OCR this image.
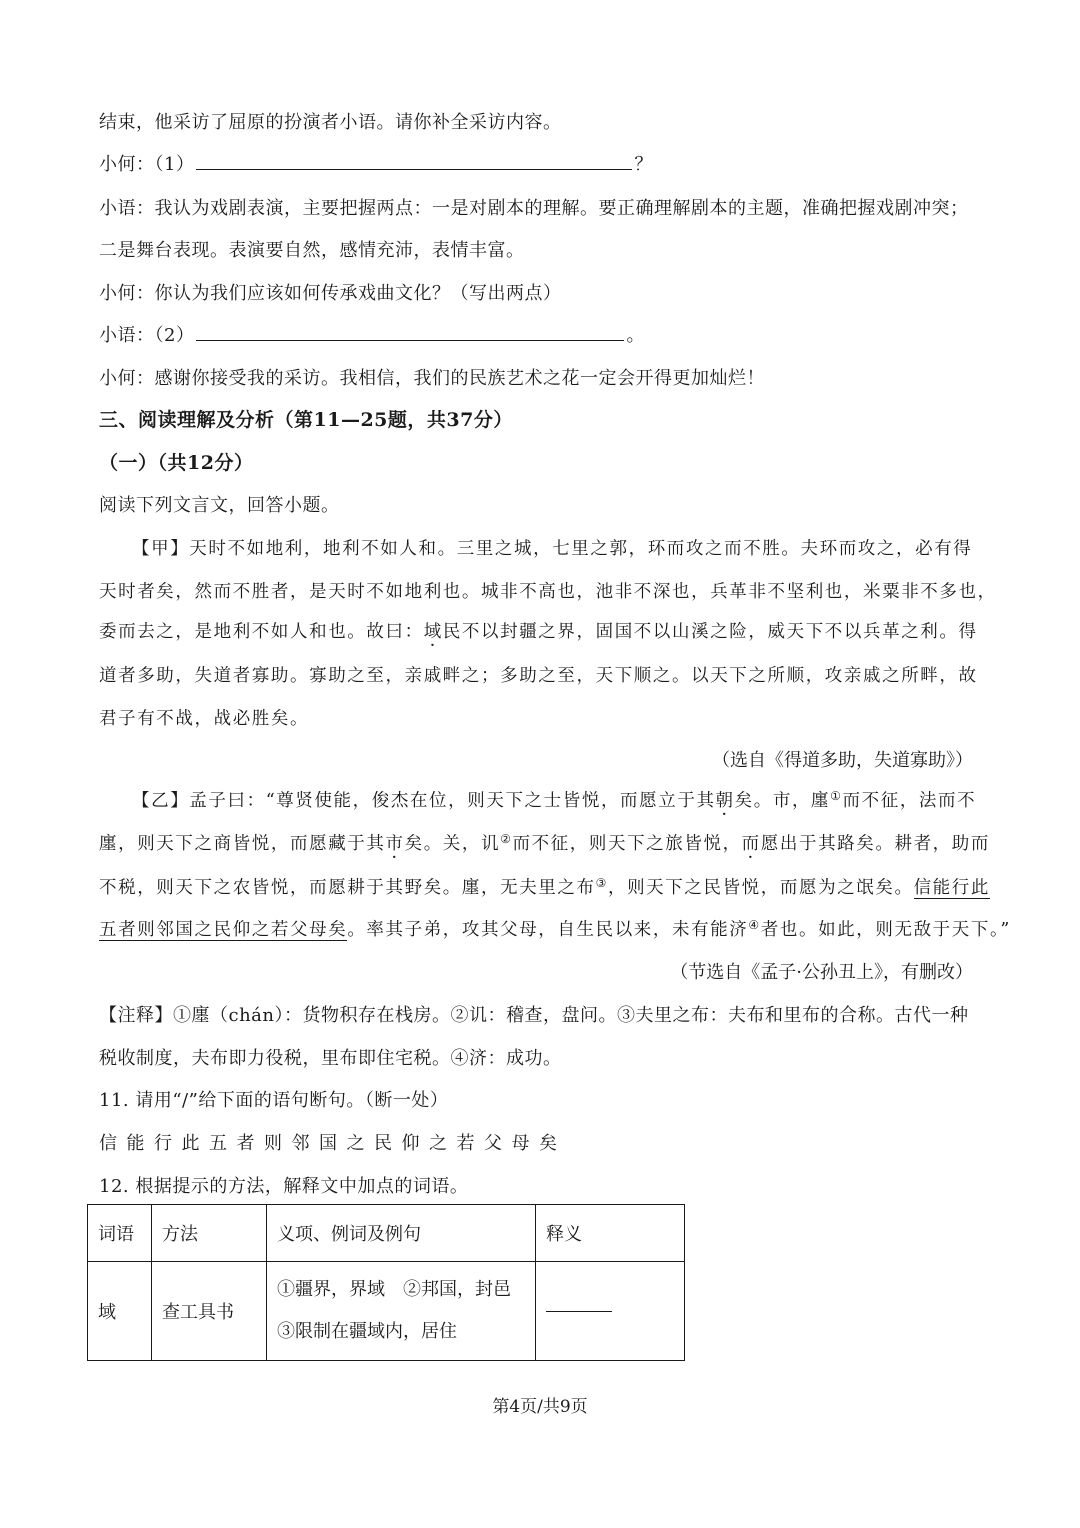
结束，他采访了屈原的扮演者小语。请你补全采访内容。
小何：（1）	？
小语：我认为戏剧表演，主要把握两点：一是对剧本的理解。要正确理解剧本的主题，准确把握戏剧冲突；
二是舞台表现。表演要自然，感情充沛，表情丰富。
小何：你认为我们应该如何传承戏曲文化？（写出两点）
小语：（2）	。
小何：感谢你接受我的采访。我相信，我们的民族艺术之花一定会开得更加灿烂！
三、阅读理解及分析（第11—25题，共37分）
（一）（共12分）
阅读下列文言文，回答小题。
【甲】天时不如地利，地利不如人和。三里之城，七里之郭，环而攻之而不胜。夫环而攻之，必有得
天时者矣，然而不胜者，是天时不如地利也。城非不高也，池非不深也，兵革非不坚利也，米粟非不多也，
委而去之，是地利不如人和也。故曰：域民不以封疆之界，固国不以山溪之险，威天下不以兵革之利。得
道者多助，失道者寡助。寡助之至，亲戚畔之；多助之至，天下顺之。以天下之所顺，攻亲戚之所畔，故
君子有不战，战必胜矣。
（选自《得道多助，失道寡助》）
【乙】孟子曰：“尊贤使能，俊杰在位，则天下之士皆悦，而愿立于其朝矣。市，廛①而不征，法而不
廛，则天下之商皆悦，而愿藏于其市矣。关，讥②而不征，则天下之旅皆悦，而愿出于其路矣。耕者，助而
不税，则天下之农皆悦，而愿耕于其野矣。廛，无夫里之布③，则天下之民皆悦，而愿为之氓矣。信能行此
五者则邻国之民仰之若父母矣。率其子弟，攻其父母，自生民以来，未有能济④者也。如此，则无敌于天下。”
（节选自《孟子·公孙丑上》，有删改）
【注释】①廛（chán）：货物积存在栈房。②讥：稽查，盘问。③夫里之布：夫布和里布的合称。古代一种
税收制度，夫布即力役税，里布即住宅税。④济：成功。
11. 请用“/”给下面的语句断句。（断一处）
信能行此五者则邻国之民仰之若父母矣
12. 根据提示的方法，解释文中加点的词语。
词语	方法	义项、例词及例句	释义
域	查工具书	①疆界，界域　②邦国，封邑
③限制在疆域内，居住	

第4页/共9页
